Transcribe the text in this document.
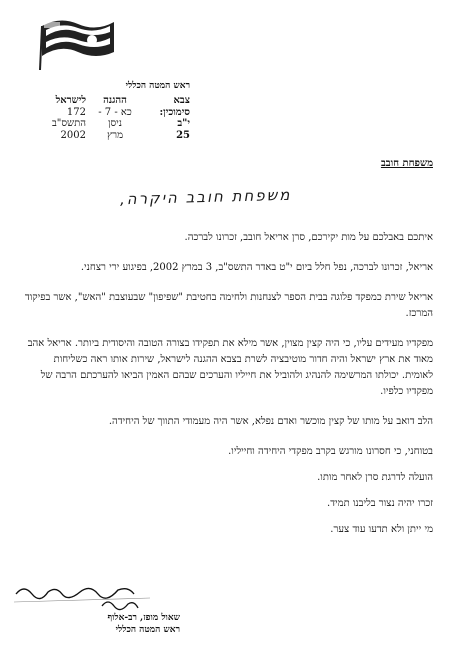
ראש המטה הכללי
צבא
ההגנה
לישראל
סימוכין:
כא - 7 -
172
י"ב
ניסן
התשס"ב
25
מרץ
2002
משפחת חובב
משפחת חובב היקרה,

איתכם באבלכם על מות יקירכם, סרן אריאל חובב, זכרונו לברכה.

אריאל, זכרונו לברכה, נפל חלל ביום י"ט באדר התשס"ב, 3 במרץ 2002, בפיגוע ירי רצחני.

אריאל שירת כמפקד פלוגה בבית הספר לצנחנות ולחימה בחטיבת "שפיפון" שבעוצבת "האש", אשר בפיקוד המרכז.

מפקדיו מעידים עליו, כי היה קצין מצוין, אשר מילא את תפקידו בצורה הטובה והיסודית ביותר. אריאל אהב מאוד את ארץ ישראל והיה חדור מוטיבציה לשרת בצבא ההגנה לישראל, שירות אותו ראה כשליחות לאומית. יכולתו המרשימה להנהיג ולהוביל את חייליו והערכים שבהם האמין הביאו להערכתם הרבה של מפקדיו כלפיו.

הלב דואב על מותו של קצין מוכשר ואדם נפלא, אשר היה מעמודי התווך של היחידה.

בטוחני, כי חסרונו מורגש בקרב מפקדי היחידה וחייליו.

הועלה לדרגת סרן לאחר מותו.

זכרו יהיה נצור בליבנו תמיד.

מי ייתן ולא תדעו עוד צער.

שאול מופז, רב-אלוף
ראש המטה הכללי
